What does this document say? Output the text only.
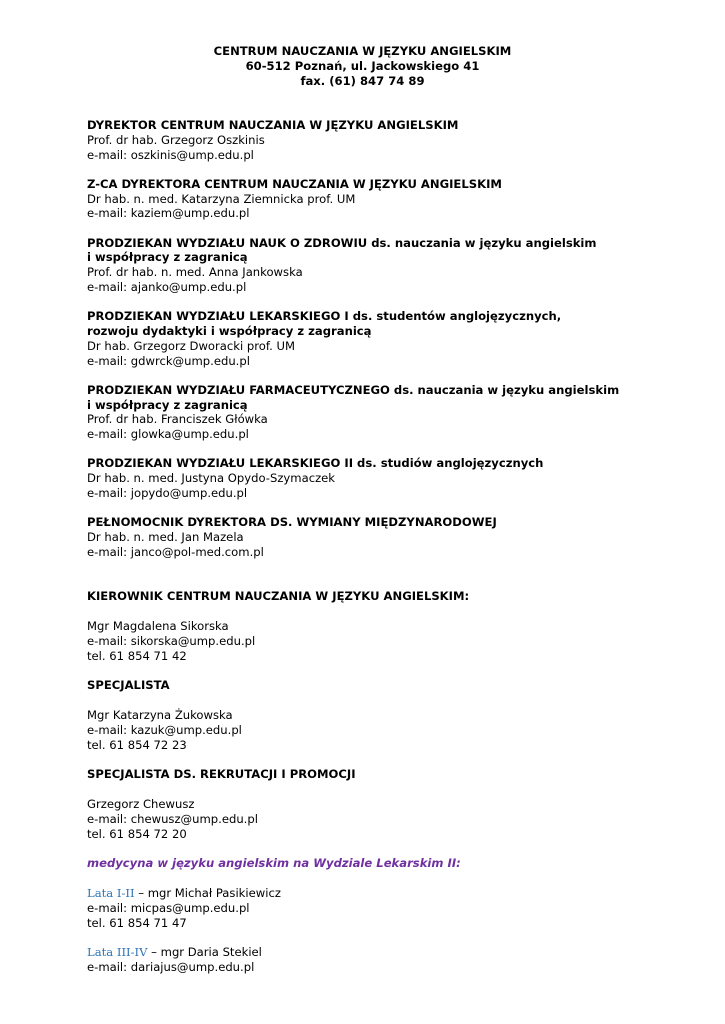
CENTRUM NAUCZANIA W JĘZYKU ANGIELSKIM
60-512 Poznań, ul. Jackowskiego 41
fax. (61) 847 74 89
DYREKTOR CENTRUM NAUCZANIA W JĘZYKU ANGIELSKIM
Prof. dr hab. Grzegorz Oszkinis
e-mail: oszkinis@ump.edu.pl
Z-CA DYREKTORA CENTRUM NAUCZANIA W JĘZYKU ANGIELSKIM
Dr hab. n. med. Katarzyna Ziemnicka prof. UM
e-mail: kaziem@ump.edu.pl
PRODZIEKAN WYDZIAŁU NAUK O ZDROWIU ds. nauczania w języku angielskim
i współpracy z zagranicą
Prof. dr hab. n. med. Anna Jankowska
e-mail: ajanko@ump.edu.pl
PRODZIEKAN WYDZIAŁU LEKARSKIEGO I ds. studentów anglojęzycznych,
rozwoju dydaktyki i współpracy z zagranicą
Dr hab. Grzegorz Dworacki prof. UM
e-mail: gdwrck@ump.edu.pl
PRODZIEKAN WYDZIAŁU FARMACEUTYCZNEGO ds. nauczania w języku angielskim
i współpracy z zagranicą
Prof. dr hab. Franciszek Główka
e-mail: glowka@ump.edu.pl
PRODZIEKAN WYDZIAŁU LEKARSKIEGO II ds. studiów anglojęzycznych
Dr hab. n. med. Justyna Opydo-Szymaczek
e-mail: jopydo@ump.edu.pl
PEŁNOMOCNIK DYREKTORA DS. WYMIANY MIĘDZYNARODOWEJ
Dr hab. n. med. Jan Mazela
e-mail: janco@pol-med.com.pl
KIEROWNIK CENTRUM NAUCZANIA W JĘZYKU ANGIELSKIM:
Mgr Magdalena Sikorska
e-mail: sikorska@ump.edu.pl
tel. 61 854 71 42
SPECJALISTA
Mgr Katarzyna Żukowska
e-mail: kazuk@ump.edu.pl
tel. 61 854 72 23
SPECJALISTA DS. REKRUTACJI I PROMOCJI
Grzegorz Chewusz
e-mail: chewusz@ump.edu.pl
tel. 61 854 72 20
medycyna w języku angielskim na Wydziale Lekarskim II:
Lata I-II – mgr Michał Pasikiewicz
e-mail: micpas@ump.edu.pl
tel. 61 854 71 47
Lata III-IV – mgr Daria Stekiel
e-mail: dariajus@ump.edu.pl
